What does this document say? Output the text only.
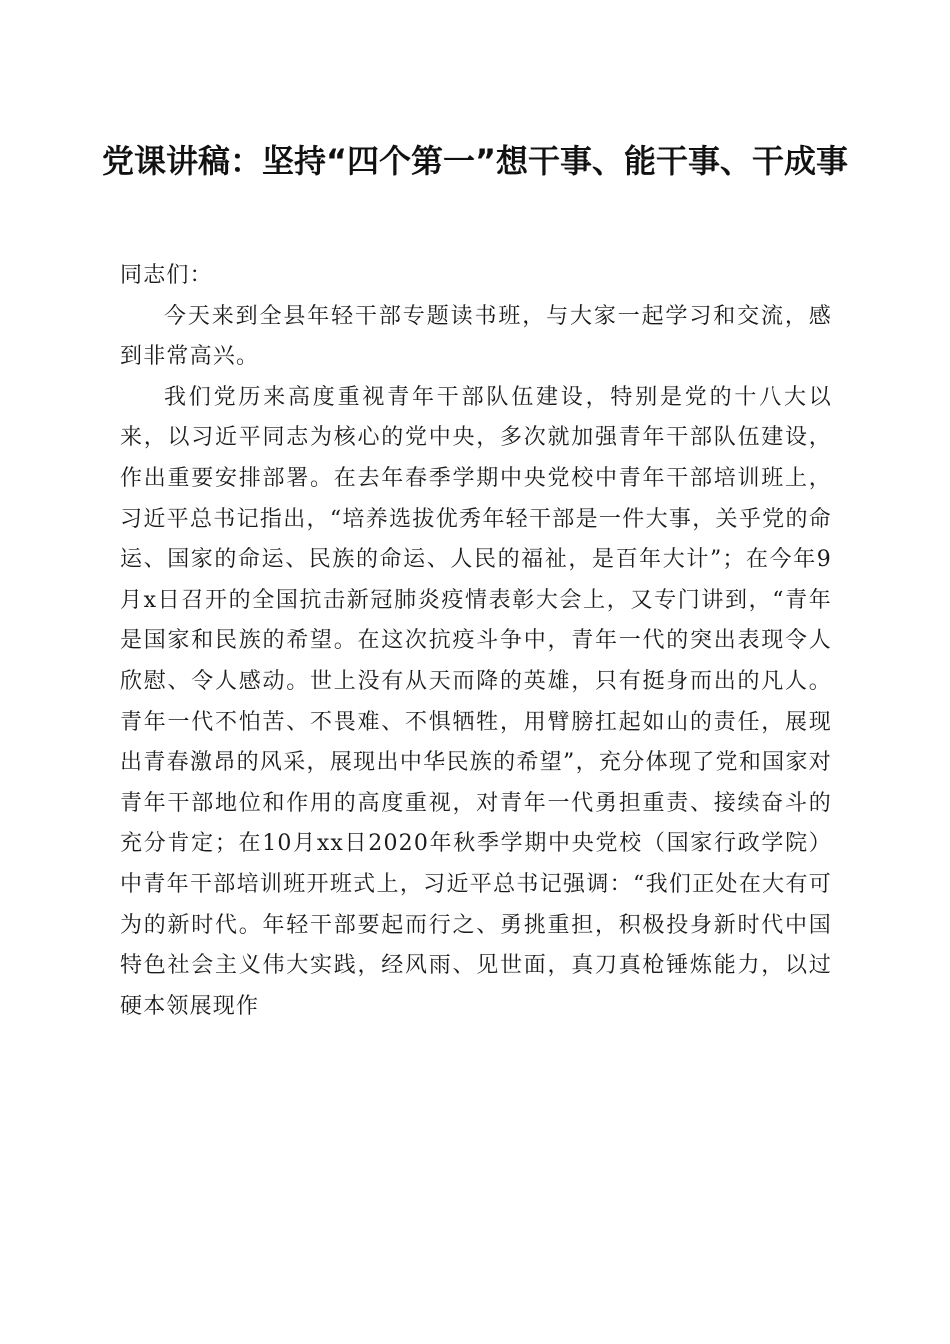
党课讲稿：坚持“四个第一”想干事、能干事、干成事

同志们：

今天来到全县年轻干部专题读书班，与大家一起学习和交流，感到非常高兴。

我们党历来高度重视青年干部队伍建设，特别是党的十八大以来，以习近平同志为核心的党中央，多次就加强青年干部队伍建设，作出重要安排部署。在去年春季学期中央党校中青年干部培训班上，习近平总书记指出，“培养选拔优秀年轻干部是一件大事，关乎党的命运、国家的命运、民族的命运、人民的福祉，是百年大计”；在今年9月x日召开的全国抗击新冠肺炎疫情表彰大会上，又专门讲到，“青年是国家和民族的希望。在这次抗疫斗争中，青年一代的突出表现令人欣慰、令人感动。世上没有从天而降的英雄，只有挺身而出的凡人。青年一代不怕苦、不畏难、不惧牺牲，用臂膀扛起如山的责任，展现出青春激昂的风采，展现出中华民族的希望”，充分体现了党和国家对青年干部地位和作用的高度重视，对青年一代勇担重责、接续奋斗的充分肯定；在10月xx日2020年秋季学期中央党校（国家行政学院）中青年干部培训班开班式上，习近平总书记强调：“我们正处在大有可为的新时代。年轻干部要起而行之、勇挑重担，积极投身新时代中国特色社会主义伟大实践，经风雨、见世面，真刀真枪锤炼能力，以过硬本领展现作
